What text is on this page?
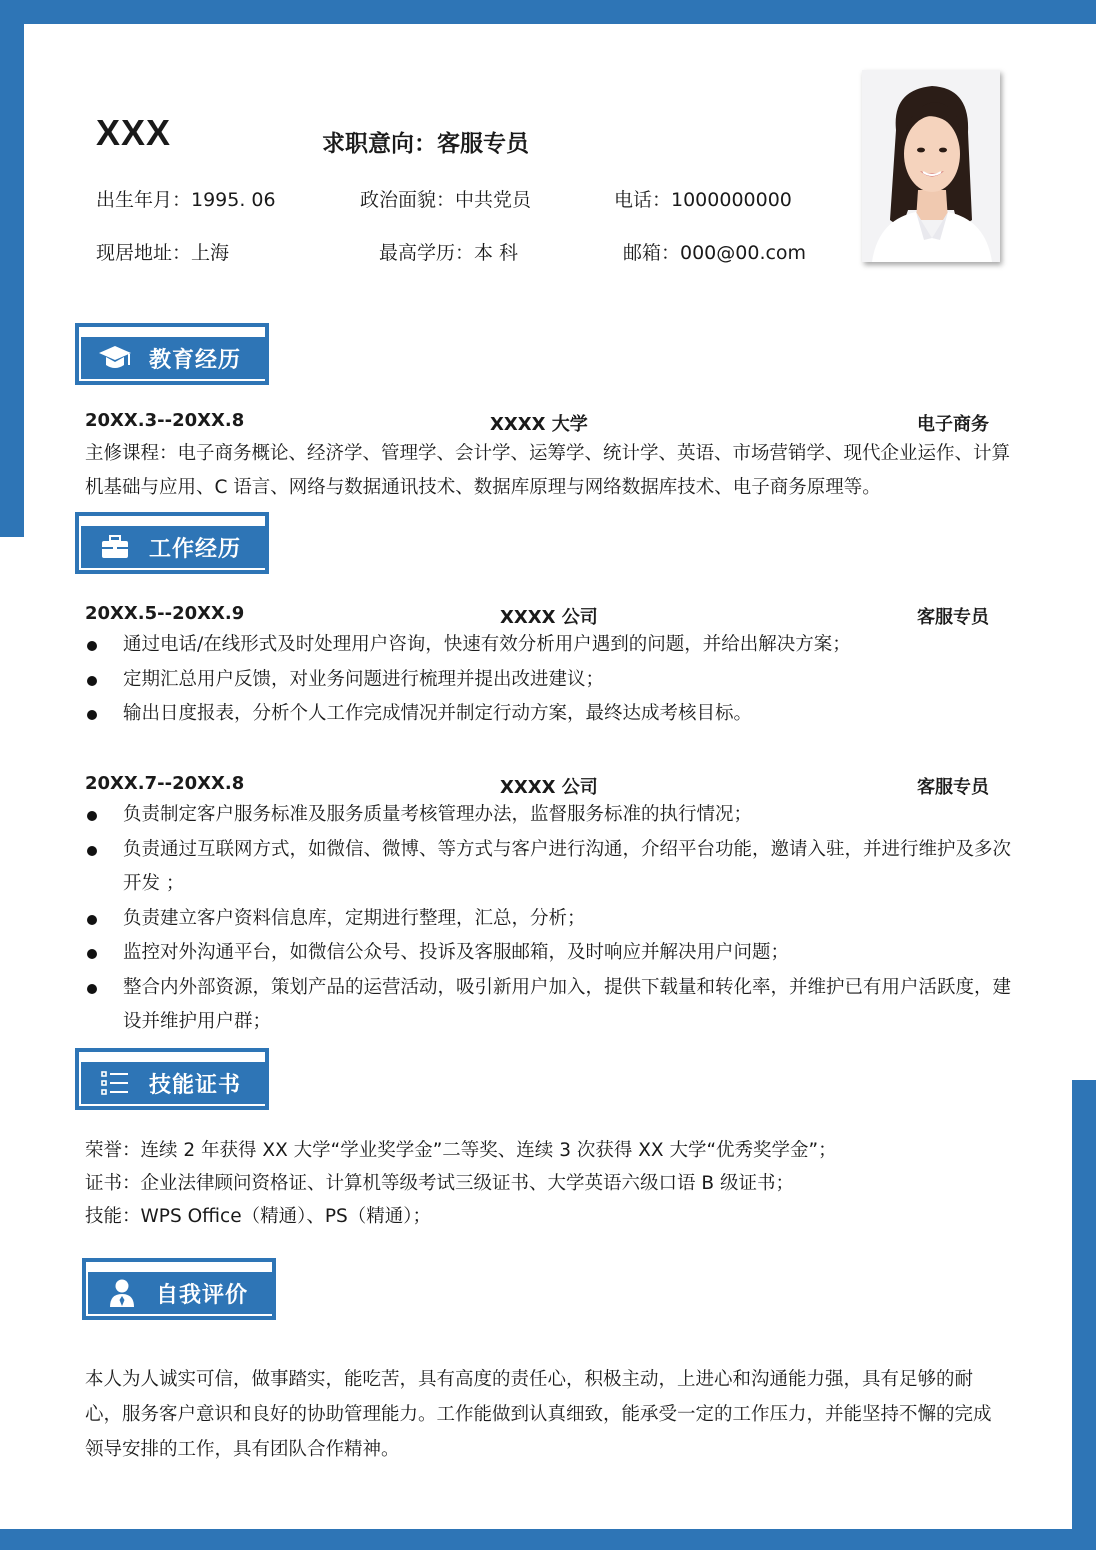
XXX	求职意向：客服专员
出生年月：1995. 06	政治面貌：中共党员	电话：1000000000
现居地址：上海	最高学历：本 科	邮箱：000@00.com
教育经历
20XX.3--20XX.8	XXXX 大学	电子商务
主修课程：电子商务概论、经济学、管理学、会计学、运筹学、统计学、英语、市场营销学、现代企业运作、计算机基础与应用、C 语言、网络与数据通讯技术、数据库原理与网络数据库技术、电子商务原理等。
工作经历
20XX.5--20XX.9	XXXX 公司	客服专员
通过电话/在线形式及时处理用户咨询，快速有效分析用户遇到的问题，并给出解决方案；
定期汇总用户反馈，对业务问题进行梳理并提出改进建议；
输出日度报表，分析个人工作完成情况并制定行动方案，最终达成考核目标。
20XX.7--20XX.8	XXXX 公司	客服专员
负责制定客户服务标准及服务质量考核管理办法，监督服务标准的执行情况；
负责通过互联网方式，如微信、微博、等方式与客户进行沟通，介绍平台功能，邀请入驻，并进行维护及多次开发 ；
负责建立客户资料信息库，定期进行整理，汇总，分析；
监控对外沟通平台，如微信公众号、投诉及客服邮箱，及时响应并解决用户问题；
整合内外部资源，策划产品的运营活动，吸引新用户加入，提供下载量和转化率，并维护已有用户活跃度，建设并维护用户群；
技能证书
荣誉：连续 2 年获得 XX 大学“学业奖学金”二等奖、连续 3 次获得 XX 大学“优秀奖学金”；
证书：企业法律顾问资格证、计算机等级考试三级证书、大学英语六级口语 B 级证书；
技能：WPS Office（精通）、PS（精通）；
自我评价
本人为人诚实可信，做事踏实，能吃苦，具有高度的责任心，积极主动，上进心和沟通能力强，具有足够的耐心，服务客户意识和良好的协助管理能力。工作能做到认真细致，能承受一定的工作压力，并能坚持不懈的完成领导安排的工作，具有团队合作精神。
